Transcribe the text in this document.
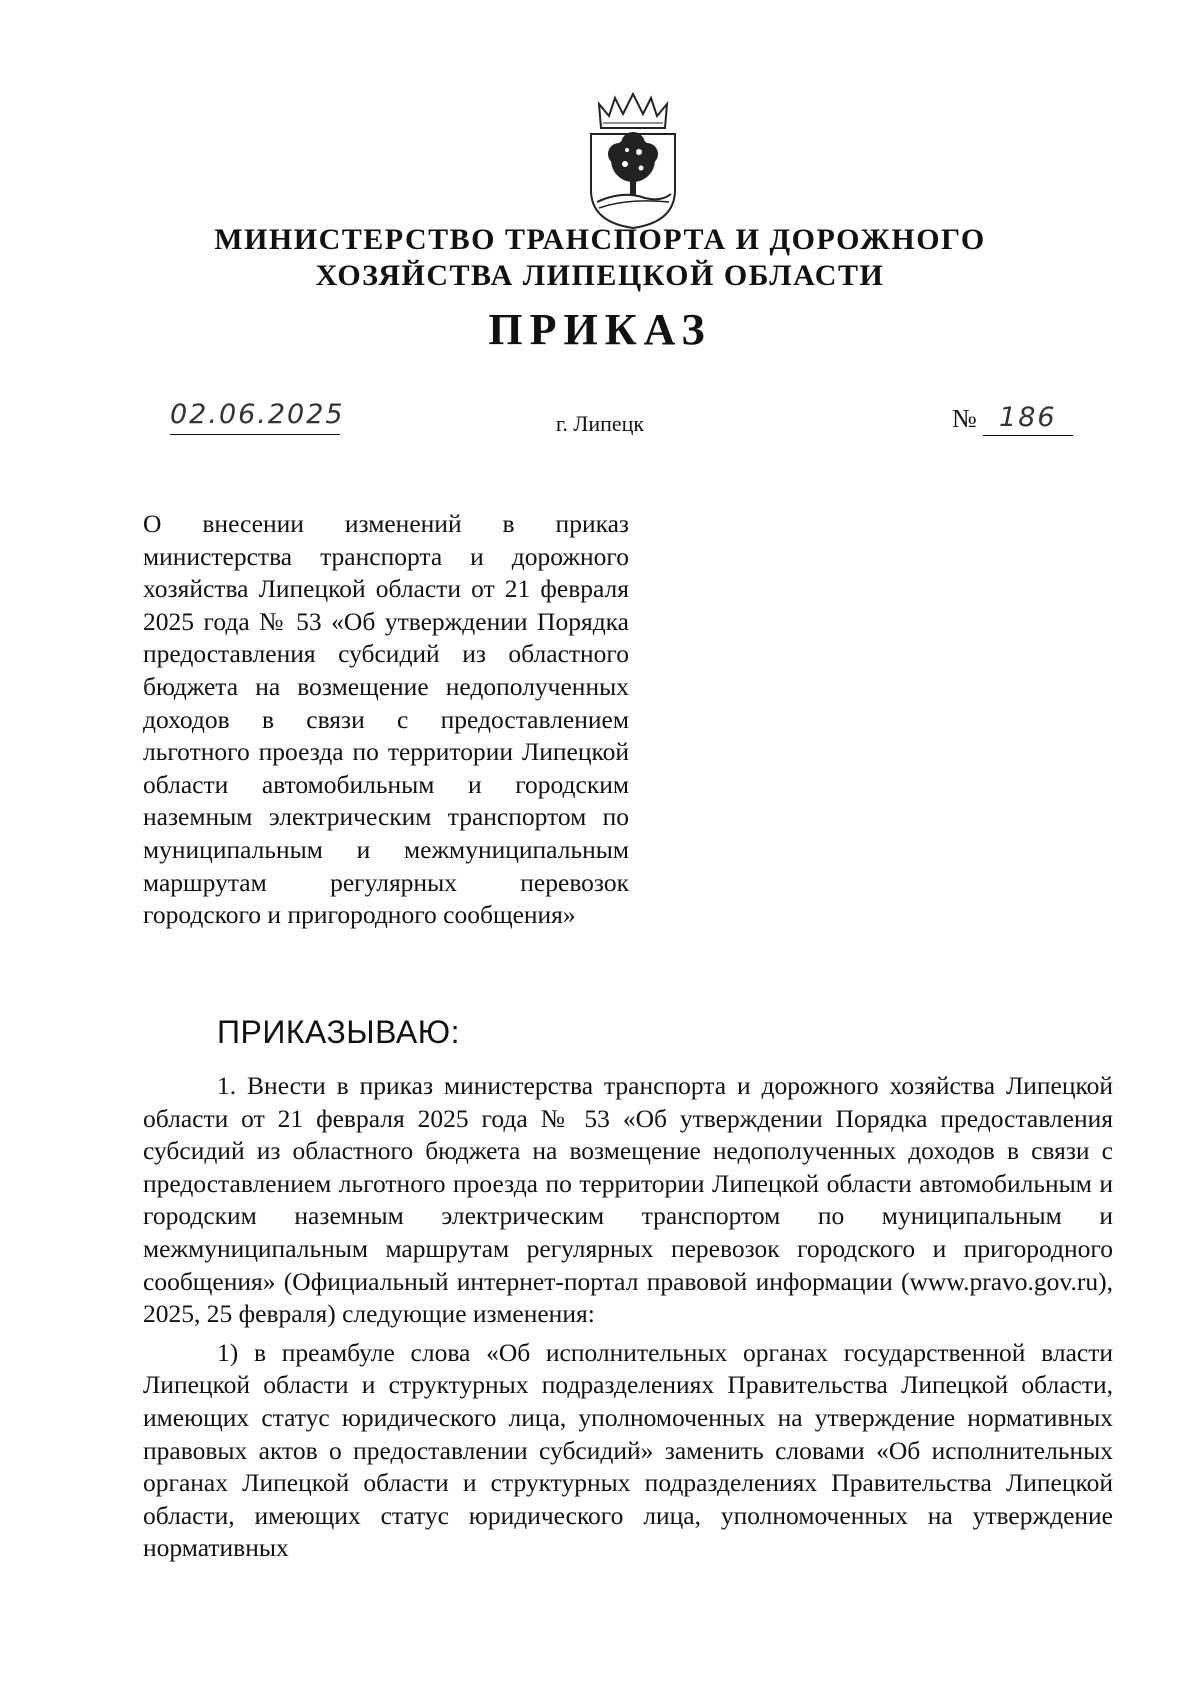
МИНИСТЕРСТВО ТРАНСПОРТА И ДОРОЖНОГО
ХОЗЯЙСТВА ЛИПЕЦКОЙ ОБЛАСТИ
ПРИКАЗ
02.06.2025	г. Липецк	№ 186
О внесении изменений в приказ министерства транспорта и дорожного хозяйства Липецкой области от 21 февраля 2025 года № 53 «Об утверждении Порядка предоставления субсидий из областного бюджета на возмещение недополученных доходов в связи с предоставлением льготного проезда по территории Липецкой области автомобильным и городским наземным электрическим транспортом по муниципальным и межмуниципальным маршрутам регулярных перевозок городского и пригородного сообщения»
ПРИКАЗЫВАЮ:

1. Внести в приказ министерства транспорта и дорожного хозяйства Липецкой области от 21 февраля 2025 года № 53 «Об утверждении Порядка предоставления субсидий из областного бюджета на возмещение недополученных доходов в связи с предоставлением льготного проезда по территории Липецкой области автомобильным и городским наземным электрическим транспортом по муниципальным и межмуниципальным маршрутам регулярных перевозок городского и пригородного сообщения» (Официальный интернет-портал правовой информации (www.pravo.gov.ru), 2025, 25 февраля) следующие изменения:

1) в преамбуле слова «Об исполнительных органах государственной власти Липецкой области и структурных подразделениях Правительства Липецкой области, имеющих статус юридического лица, уполномоченных на утверждение нормативных правовых актов о предоставлении субсидий» заменить словами «Об исполнительных органах Липецкой области и структурных подразделениях Правительства Липецкой области, имеющих статус юридического лица, уполномоченных на утверждение нормативных
